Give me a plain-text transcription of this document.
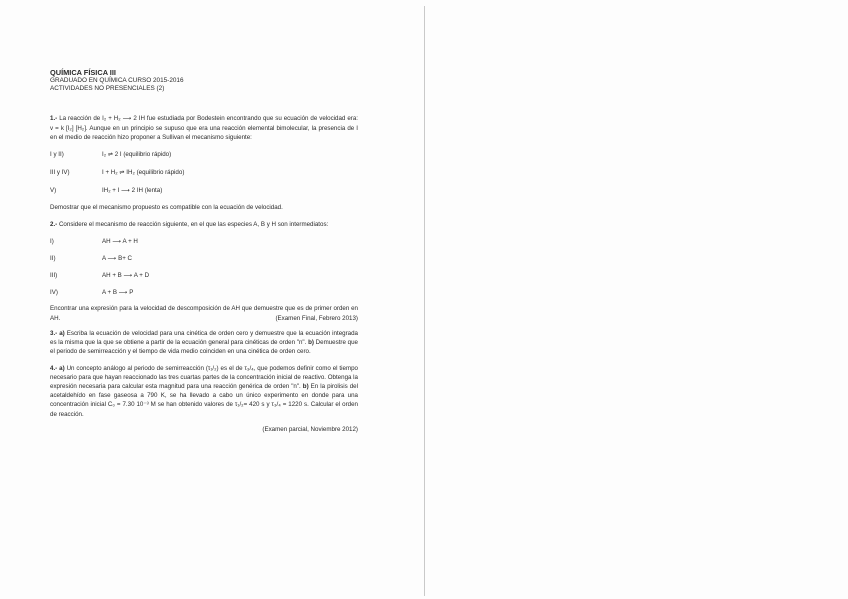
QUÍMICA FÍSICA III
GRADUADO EN QUÍMICA CURSO 2015-2016
ACTIVIDADES NO PRESENCIALES (2)
1.- La reacción de I₂ + H₂ ⟶ 2 IH fue estudiada por Bodestein encontrando que su ecuación de velocidad era: v = k [I₂] [H₂]. Aunque en un principio se supuso que era una reacción elemental bimolecular, la presencia de I en el medio de reacción hizo proponer a Sullivan el mecanismo siguiente:
I y II)	I₂ ⇌ 2 I (equilibrio rápido)
III y IV)	I + H₂ ⇌ IH₂ (equilibrio rápido)
V)	IH₂ + I ⟶ 2 IH (lenta)
Demostrar que el mecanismo propuesto es compatible con la ecuación de velocidad.
2.- Considere el mecanismo de reacción siguiente, en el que las especies A, B y H son intermediatos:
I)	AH ⟶ A + H
II)	A ⟶ B+ C
III)	AH + B ⟶ A + D
IV)	A + B ⟶ P
Encontrar una expresión para la velocidad de descomposición de AH que demuestre que es de primer orden en AH.	(Examen Final, Febrero 2013)
3.- a) Escriba la ecuación de velocidad para una cinética de orden cero y demuestre que la ecuación integrada es la misma que la que se obtiene a partir de la ecuación general para cinéticas de orden "n". b) Demuestre que el periodo de semirreacción y el tiempo de vida medio coinciden en una cinética de orden cero.
4.- a) Un concepto análogo al periodo de semirreacción (τ₁/₂) es el de τ₃/₄, que podemos definir como el tiempo necesario para que hayan reaccionado las tres cuartas partes de la concentración inicial de reactivo. Obtenga la expresión necesaria para calcular esta magnitud para una reacción genérica de orden "n". b) En la pirolisis del acetaldehído en fase gaseosa a 790 K, se ha llevado a cabo un único experimento en donde para una concentración inicial C₀ = 7.30 10⁻³ M se han obtenido valores de τ₁/₂= 420 s y τ₃/₄ = 1220 s. Calcular el orden de reacción.
(Examen parcial, Noviembre 2012)
